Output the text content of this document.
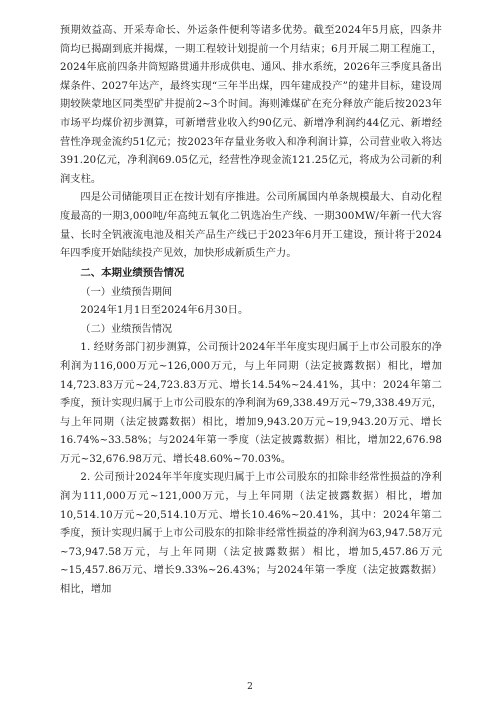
预期效益高、开采寿命长、外运条件便利等诸多优势。截至2024年5月底，四条井筒均已揭副到底并揭煤，一期工程较计划提前一个月结束；6月开展二期工程施工，2024年底前四条井筒短路贯通井形成供电、通风、排水系统，2026年三季度具备出煤条件、2027年达产，最终实现“三年半出煤，四年建成投产”的建井目标，建设周期较陕蒙地区同类型矿井提前2~3个时间。海则滩煤矿在充分释放产能后按2023年市场平均煤价初步测算，可新增营业收入约90亿元、新增净利润约44亿元、新增经营性净现金流约51亿元；按2023年存量业务收入和净利润计算，公司营业收入将达391.20亿元，净利润69.05亿元，经营性净现金流121.25亿元，将成为公司新的利润支柱。

四是公司储能项目正在按计划有序推进。公司所属国内单条规模最大、自动化程度最高的一期3,000吨/年高纯五氧化二钒选冶生产线、一期300MW/年新一代大容量、长时全钒液流电池及相关产品生产线已于2023年6月开工建设，预计将于2024年四季度开始陆续投产见效，加快形成新质生产力。

二、本期业绩预告情况

（一）业绩预告期间

2024年1月1日至2024年6月30日。

（二）业绩预告情况

1. 经财务部门初步测算，公司预计2024年半年度实现归属于上市公司股东的净利润为116,000万元~126,000万元，与上年同期（法定披露数据）相比，增加14,723.83万元~24,723.83万元、增长14.54%~24.41%，其中：2024年第二季度，预计实现归属于上市公司股东的净利润为69,338.49万元~79,338.49万元，与上年同期（法定披露数据）相比，增加9,943.20万元~19,943.20万元、增长16.74%~33.58%；与2024年第一季度（法定披露数据）相比，增加22,676.98万元~32,676.98万元、增长48.60%~70.03%。

2. 公司预计2024年半年度实现归属于上市公司股东的扣除非经常性损益的净利润为111,000万元~121,000万元，与上年同期（法定披露数据）相比，增加10,514.10万元~20,514.10万元、增长10.46%~20.41%，其中：2024年第二季度，预计实现归属于上市公司股东的扣除非经常性损益的净利润为63,947.58万元~73,947.58万元，与上年同期（法定披露数据）相比，增加5,457.86万元~15,457.86万元、增长9.33%~26.43%；与2024年第一季度（法定披露数据）相比，增加

2
